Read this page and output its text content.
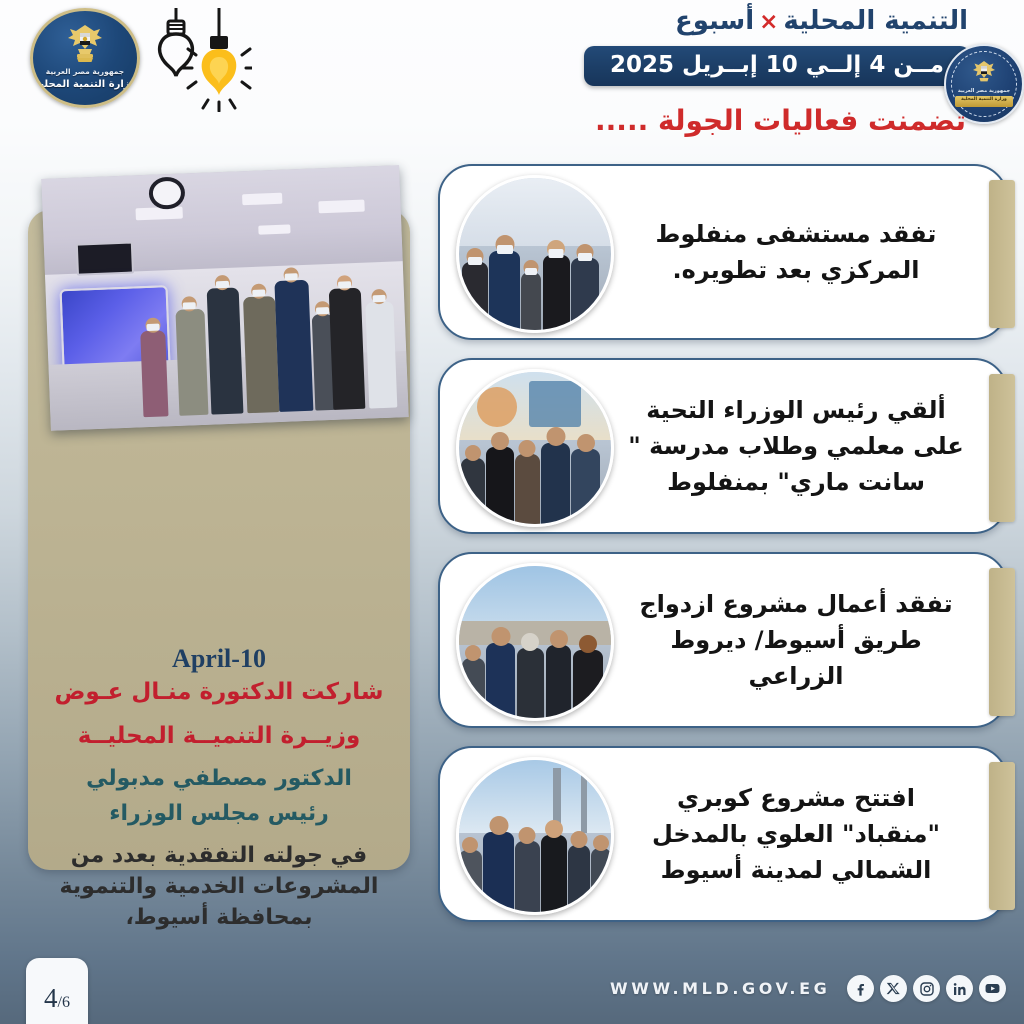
جمهورية مصر العربية
وزارة التنمية المحلية
التنمية المحلية×أسبوع
مــن 4 إلــي 10 إبــريل 2025
جمهورية مصر العربية
وزارة التنمية المحلية
تضمنت فعاليات الجولة .....
10-April
شاركت الدكتورة منـال عـوض
وزيــرة التنميــة المحليــة
الدكتور مصطفي مدبولي
رئيس مجلس الوزراء
في جولته التفقدية بعدد من
المشروعات الخدمية والتنموية
بمحافظة أسيوط،
تفقد مستشفى منفلوط المركزي بعد تطويره.
ألقي رئيس الوزراء التحية على معلمي وطلاب مدرسة " سانت ماري" بمنفلوط
تفقد أعمال مشروع ازدواج طريق أسيوط/ ديروط الزراعي
افتتح مشروع كوبري "منقباد" العلوي بالمدخل الشمالي لمدينة أسيوط
4/6
WWW.MLD.GOV.EG
